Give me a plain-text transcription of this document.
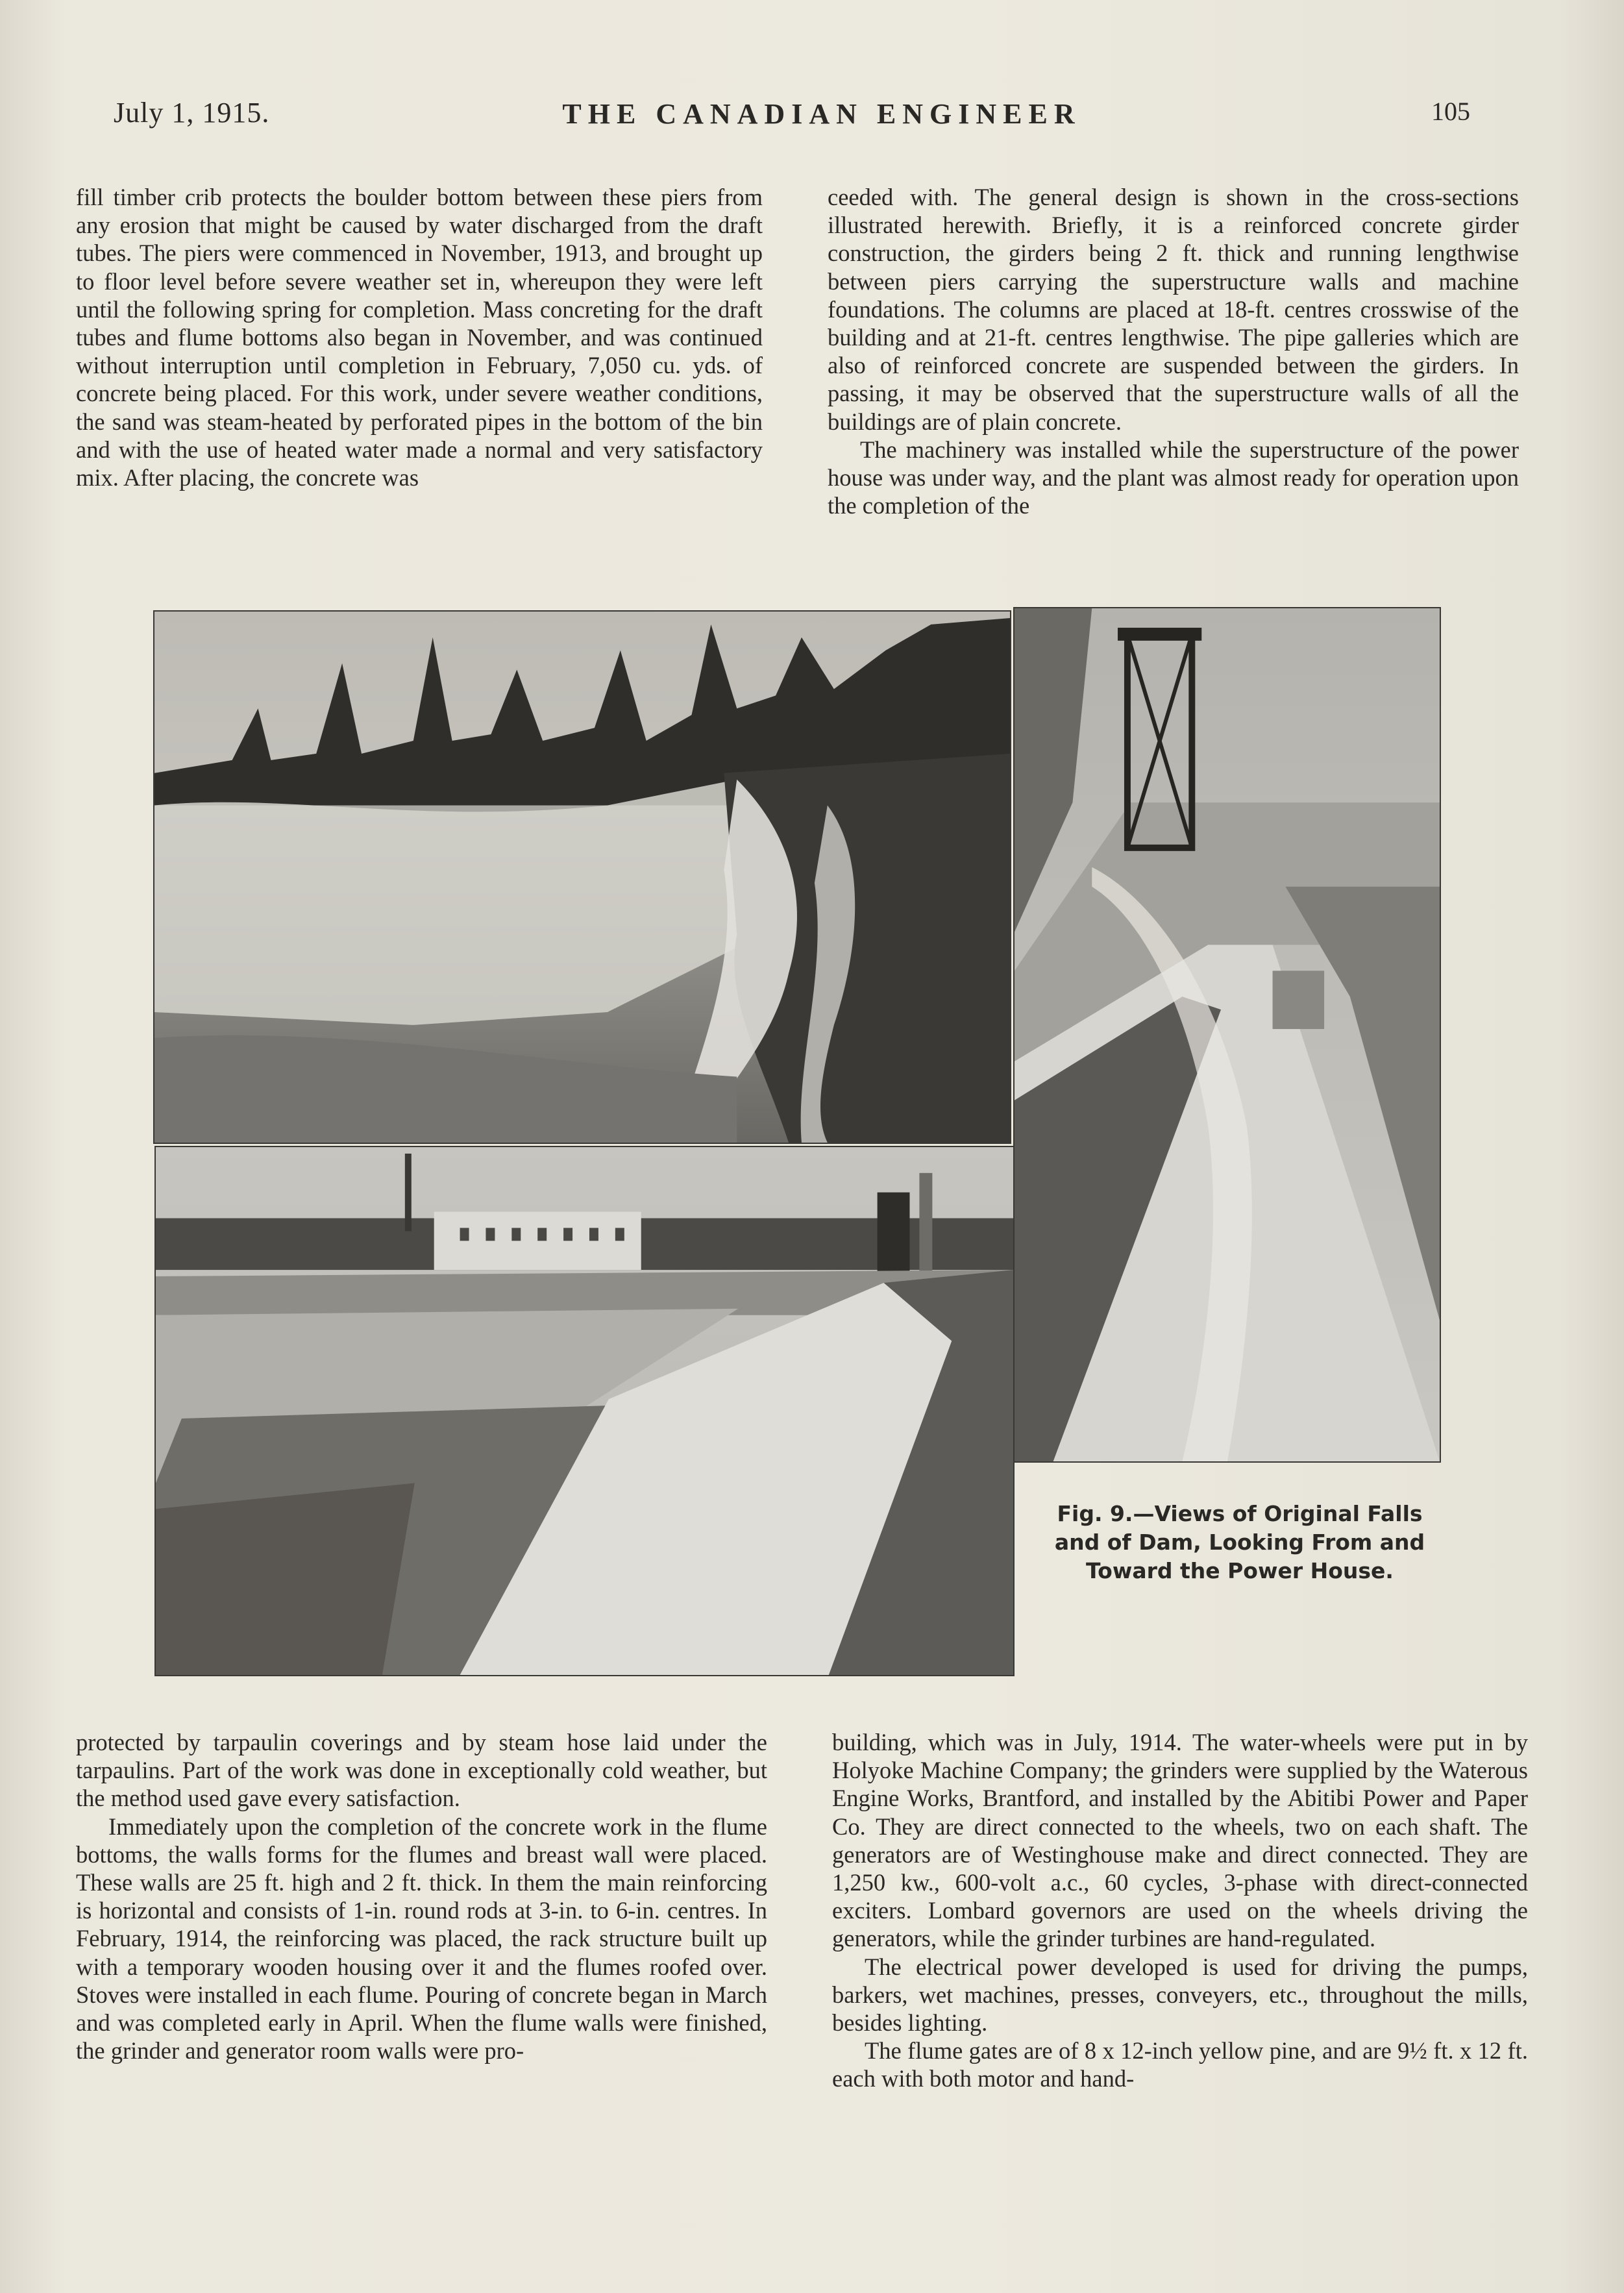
July 1, 1915.	THE CANADIAN ENGINEER	105

fill timber crib protects the boulder bottom between these piers from any erosion that might be caused by water discharged from the draft tubes. The piers were commenced in November, 1913, and brought up to floor level before severe weather set in, whereupon they were left until the following spring for completion. Mass concreting for the draft tubes and flume bottoms also began in November, and was continued without interruption until completion in February, 7,050 cu. yds. of concrete being placed. For this work, under severe weather conditions, the sand was steam-heated by perforated pipes in the bottom of the bin and with the use of heated water made a normal and very satisfactory mix. After placing, the concrete was

ceeded with. The general design is shown in the cross-sections illustrated herewith. Briefly, it is a reinforced concrete girder construction, the girders being 2 ft. thick and running lengthwise between piers carrying the superstructure walls and machine foundations. The columns are placed at 18-ft. centres crosswise of the building and at 21-ft. centres lengthwise. The pipe galleries which are also of reinforced concrete are suspended between the girders. In passing, it may be observed that the superstructure walls of all the buildings are of plain concrete.

The machinery was installed while the superstructure of the power house was under way, and the plant was almost ready for operation upon the completion of the

Fig. 9.—Views of Original Falls and of Dam, Looking From and Toward the Power House.

protected by tarpaulin coverings and by steam hose laid under the tarpaulins. Part of the work was done in exceptionally cold weather, but the method used gave every satisfaction.

Immediately upon the completion of the concrete work in the flume bottoms, the walls forms for the flumes and breast wall were placed. These walls are 25 ft. high and 2 ft. thick. In them the main reinforcing is horizontal and consists of 1-in. round rods at 3-in. to 6-in. centres. In February, 1914, the reinforcing was placed, the rack structure built up with a temporary wooden housing over it and the flumes roofed over. Stoves were installed in each flume. Pouring of concrete began in March and was completed early in April. When the flume walls were finished, the grinder and generator room walls were pro-

building, which was in July, 1914. The water-wheels were put in by Holyoke Machine Company; the grinders were supplied by the Waterous Engine Works, Brantford, and installed by the Abitibi Power and Paper Co. They are direct connected to the wheels, two on each shaft. The generators are of Westinghouse make and direct connected. They are 1,250 kw., 600-volt a.c., 60 cycles, 3-phase with direct-connected exciters. Lombard governors are used on the wheels driving the generators, while the grinder turbines are hand-regulated.

The electrical power developed is used for driving the pumps, barkers, wet machines, presses, conveyers, etc., throughout the mills, besides lighting.

The flume gates are of 8 x 12-inch yellow pine, and are 9½ ft. x 12 ft. each with both motor and hand-
